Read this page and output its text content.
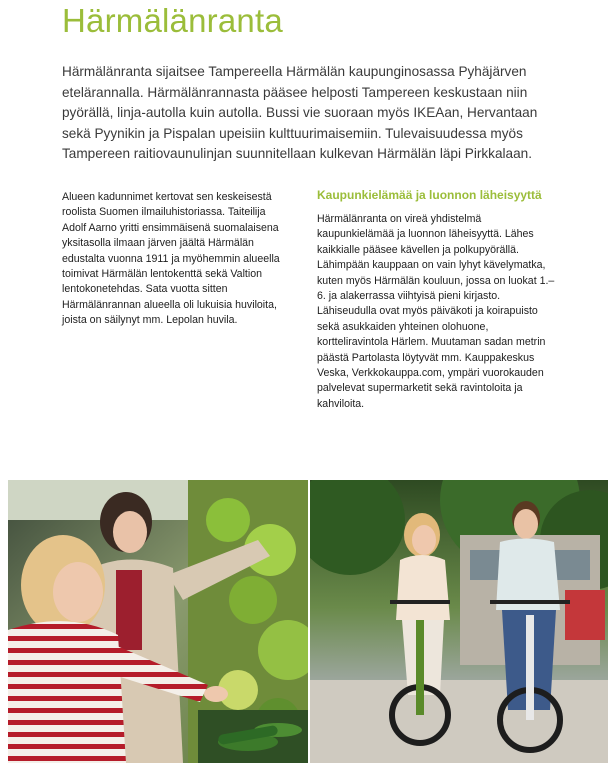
Härmälänranta
Härmälänranta sijaitsee Tampereella Härmälän kaupunginosassa Pyhäjärven etelärannalla. Härmälänrannasta pääsee helposti Tampereen keskustaan niin pyörällä, linja-autolla kuin autolla. Bussi vie suoraan myös IKEAan, Hervantaan sekä Pyynikin ja Pispalan upeisiin kulttuurimaisemiin. Tulevaisuudessa myös Tampereen raitiovaunulinjan suunnitellaan kulkevan Härmälän läpi Pirkkalaan.
Alueen kadunnimet kertovat sen keskeisestä roolista Suomen ilmailuhistoriassa. Taiteilija Adolf Aarno yritti ensimmäisenä suomalaisena yksitasolla ilmaan järven jäältä Härmälän edustalta vuonna 1911 ja myöhemmin alueella toimivat Härmälän lentokenttä sekä Valtion lentokonetehdas. Sata vuotta sitten Härmälänrannan alueella oli lukuisia huviloita, joista on säilynyt mm. Lepolan huvila.
Kaupunkielämää ja luonnon läheisyyttä

Härmälänranta on vireä yhdistelmä kaupunkielämää ja luonnon läheisyyttä. Lähes kaikkialle pääsee kävellen ja polkupyörällä. Lähimpään kauppaan on vain lyhyt kävelymatka, kuten myös Härmälän kouluun, jossa on luokat 1.–6. ja alakerrassa viihtyisä pieni kirjasto. Lähiseudulla ovat myös päiväkoti ja koirapuisto sekä asukkaiden yhteinen olohuone, kortteliravintola Härlem. Muutaman sadan metrin päästä Partolasta löytyvät mm. Kauppakeskus Veska, Verkkokauppa.com, ympäri vuorokauden palvelevat supermarketit sekä ravintoloita ja kahviloita.
